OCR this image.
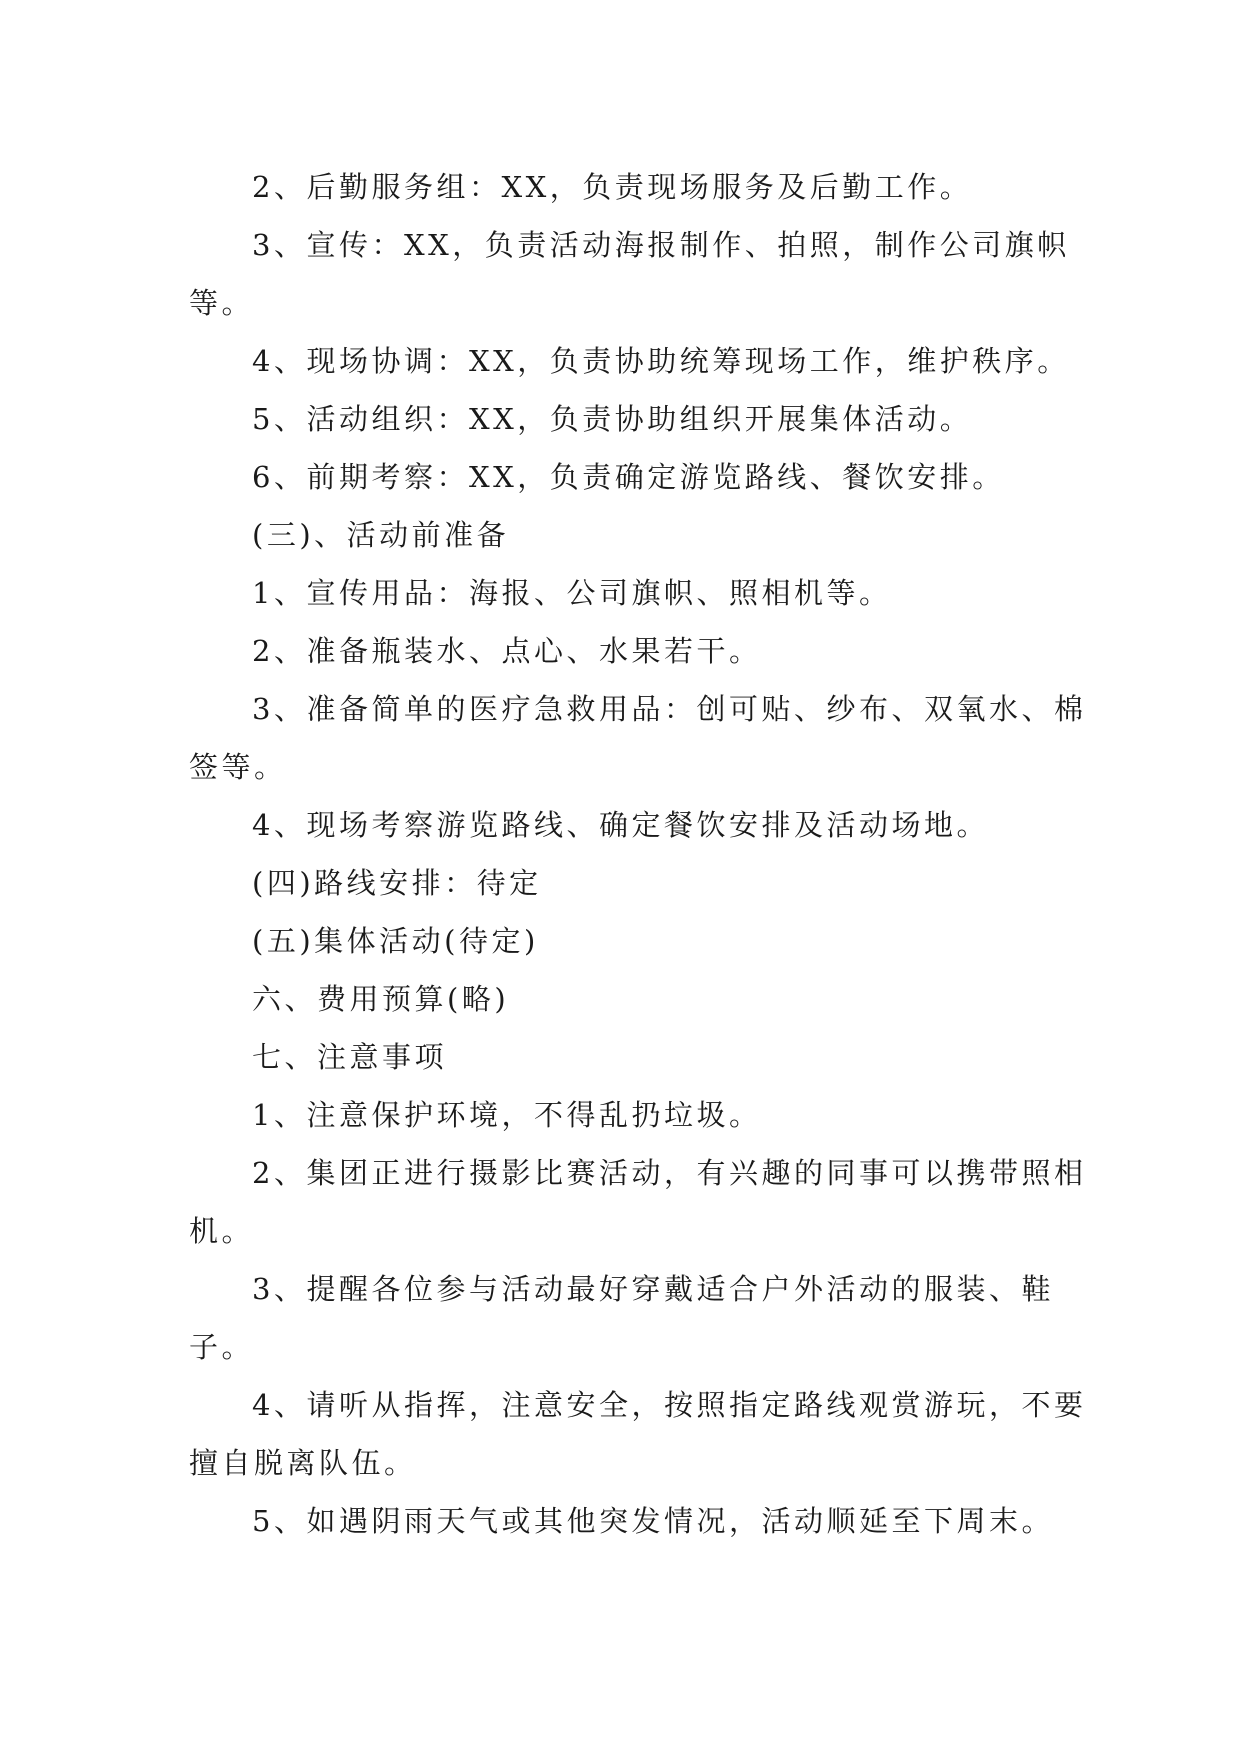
2、后勤服务组：XX，负责现场服务及后勤工作。

3、宣传：XX，负责活动海报制作、拍照，制作公司旗帜等。

4、现场协调：XX，负责协助统筹现场工作，维护秩序。

5、活动组织：XX，负责协助组织开展集体活动。

6、前期考察：XX，负责确定游览路线、餐饮安排。

(三)、活动前准备

1、宣传用品：海报、公司旗帜、照相机等。

2、准备瓶装水、点心、水果若干。

3、准备简单的医疗急救用品：创可贴、纱布、双氧水、棉签等。

4、现场考察游览路线、确定餐饮安排及活动场地。

(四)路线安排：待定

(五)集体活动(待定)

六、费用预算(略)

七、注意事项

1、注意保护环境，不得乱扔垃圾。

2、集团正进行摄影比赛活动，有兴趣的同事可以携带照相机。

3、提醒各位参与活动最好穿戴适合户外活动的服装、鞋子。

4、请听从指挥，注意安全，按照指定路线观赏游玩，不要擅自脱离队伍。

5、如遇阴雨天气或其他突发情况，活动顺延至下周末。
